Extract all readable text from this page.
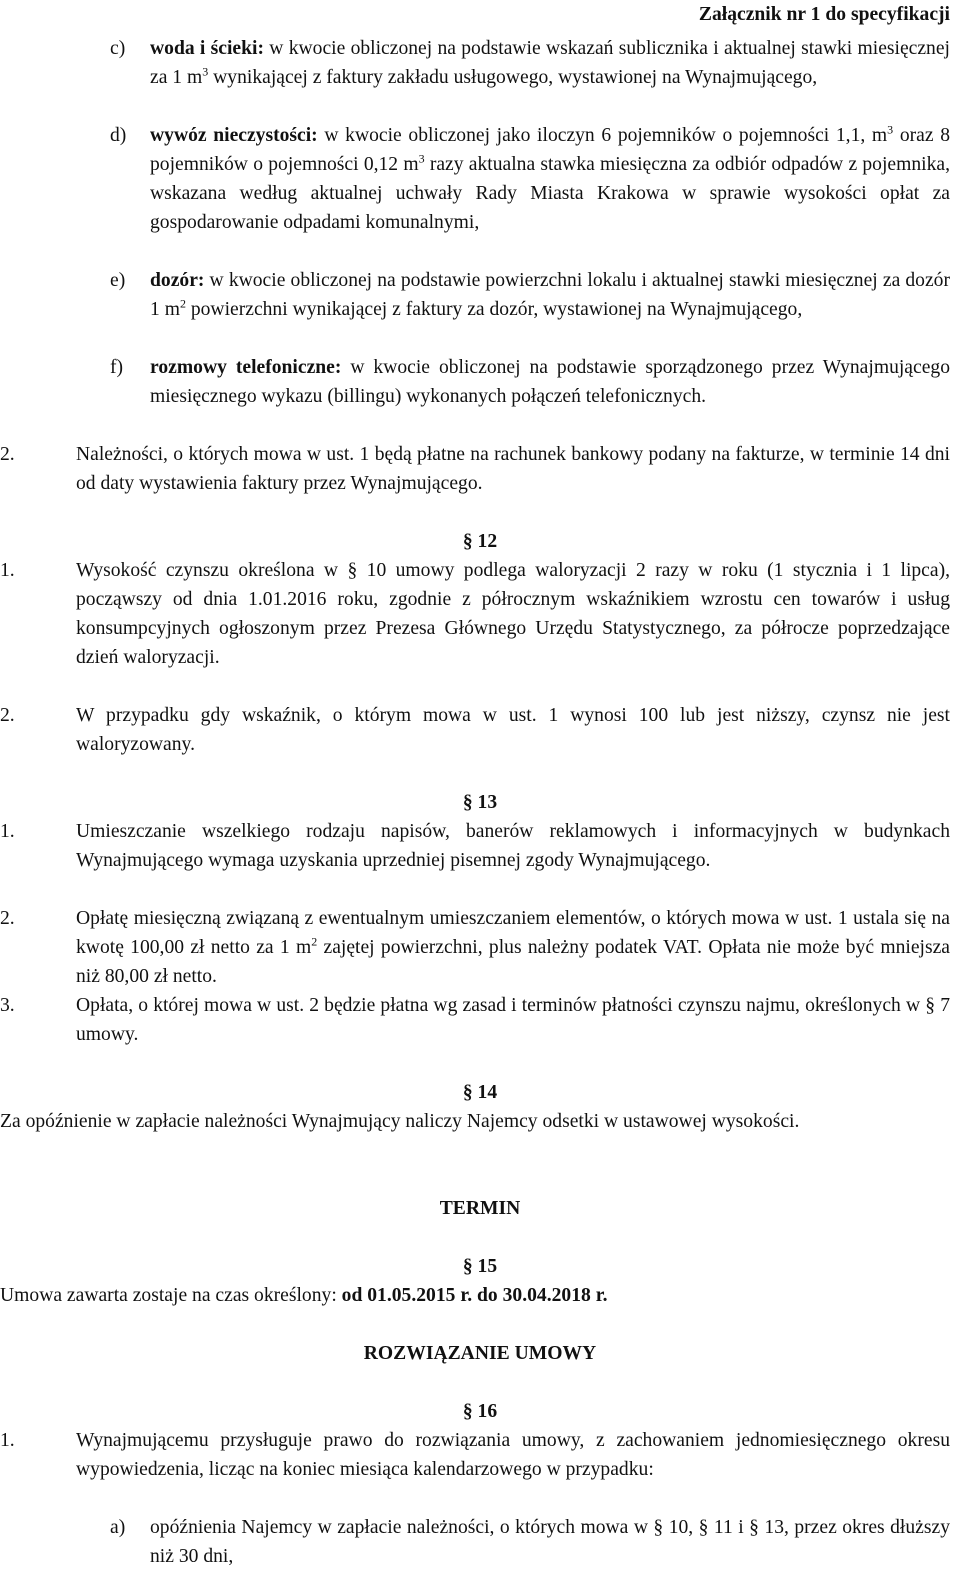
Załącznik nr 1 do specyfikacji
c)	woda i ścieki: w kwocie obliczonej na podstawie wskazań sublicznika i aktualnej stawki miesięcznej za 1 $m^3$ wynikającej z faktury zakładu usługowego, wystawionej na Wynajmującego,
d)	wywóz nieczystości: w kwocie obliczonej jako iloczyn 6 pojemników o pojemności 1,1, $m^3$ oraz 8 pojemników o pojemności 0,12 $m^3$ razy aktualna stawka miesięczna za odbiór odpadów z pojemnika, wskazana według aktualnej uchwały Rady Miasta Krakowa w sprawie wysokości opłat za gospodarowanie odpadami komunalnymi,
e)	dozór: w kwocie obliczonej na podstawie powierzchni lokalu i aktualnej stawki miesięcznej za dozór 1 $m^2$ powierzchni wynikającej z faktury za dozór, wystawionej na Wynajmującego,
f)	rozmowy telefoniczne: w kwocie obliczonej na podstawie sporządzonego przez Wynajmującego miesięcznego wykazu (billingu) wykonanych połączeń telefonicznych.
2.	Należności, o których mowa w ust. 1 będą płatne na rachunek bankowy podany na fakturze, w terminie 14 dni od daty wystawienia faktury przez Wynajmującego.
§ 12
1.	Wysokość czynszu określona w § 10 umowy podlega waloryzacji 2 razy w roku (1 stycznia i 1 lipca), począwszy od dnia 1.01.2016 roku, zgodnie z półrocznym wskaźnikiem wzrostu cen towarów i usług konsumpcyjnych ogłoszonym przez Prezesa Głównego Urzędu Statystycznego, za półrocze poprzedzające dzień waloryzacji.
2.	W przypadku gdy wskaźnik, o którym mowa w ust. 1 wynosi 100 lub jest niższy, czynsz nie jest waloryzowany.
§ 13
1.	Umieszczanie wszelkiego rodzaju napisów, banerów reklamowych i informacyjnych w budynkach Wynajmującego wymaga uzyskania uprzedniej pisemnej zgody Wynajmującego.
2.	Opłatę miesięczną związaną z ewentualnym umieszczaniem elementów, o których mowa w ust. 1 ustala się na kwotę 100,00 zł netto za 1 $m^2$ zajętej powierzchni, plus należny podatek VAT. Opłata nie może być mniejsza niż 80,00 zł netto.
3.	Opłata, o której mowa w ust. 2 będzie płatna wg zasad i terminów płatności czynszu najmu, określonych w § 7 umowy.
§ 14
Za opóźnienie w zapłacie należności Wynajmujący naliczy Najemcy odsetki w ustawowej wysokości.
TERMIN
§ 15
Umowa zawarta zostaje na czas określony: od 01.05.2015 r. do 30.04.2018 r.
ROZWIĄZANIE UMOWY
§ 16
1.	Wynajmującemu przysługuje prawo do rozwiązania umowy, z zachowaniem jednomiesięcznego okresu wypowiedzenia, licząc na koniec miesiąca kalendarzowego w przypadku:
a)	opóźnienia Najemcy w zapłacie należności, o których mowa w § 10, § 11 i § 13, przez okres dłuższy niż 30 dni,
